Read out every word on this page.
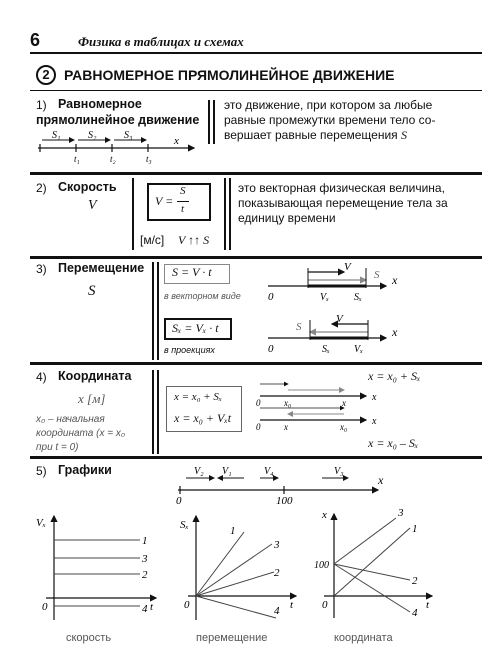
6	Физика в таблицах и схемах
2	РАВНОМЕРНОЕ ПРЯМОЛИНЕЙНОЕ ДВИЖЕНИЕ
1) Равномерное
прямолинейное движение
это движение, при котором за любые
равные промежутки времени тело со-
вершает равные перемещения S
S₁	S₂	S₃
t₁	t₂	t₃
x
2) Скорость
V	V =
S
t
[м/с] V ↑↑ S
это векторная физическая величина,
показывающая перемещение тела за
единицу времени
3) Перемещение
S
S = V · t
в векторном виде
Sₓ = Vₓ · t
в проекциях
V
S
0	Vₓ	Sₓ
x
V
S
0	Sₓ Vₓ
x
4) Координата
x [м]
x₀ – начальная
координата (x = x₀
при t = 0)
x = x₀ + Sₓ
x = x₀ + Vₓt
x = x₀ + Sₓ
x = x₀ – Sₓ
0
0
x₀	x
x	x₀
x
x
5) Графики	V₂ V₁	V₄	V₃
0	100
x
Vₓ
t
0
1
3
2
4
скорость
Sₓ
t
0
1
3
2
4
перемещение
x
t
0
100
3
1
2
4
координата
